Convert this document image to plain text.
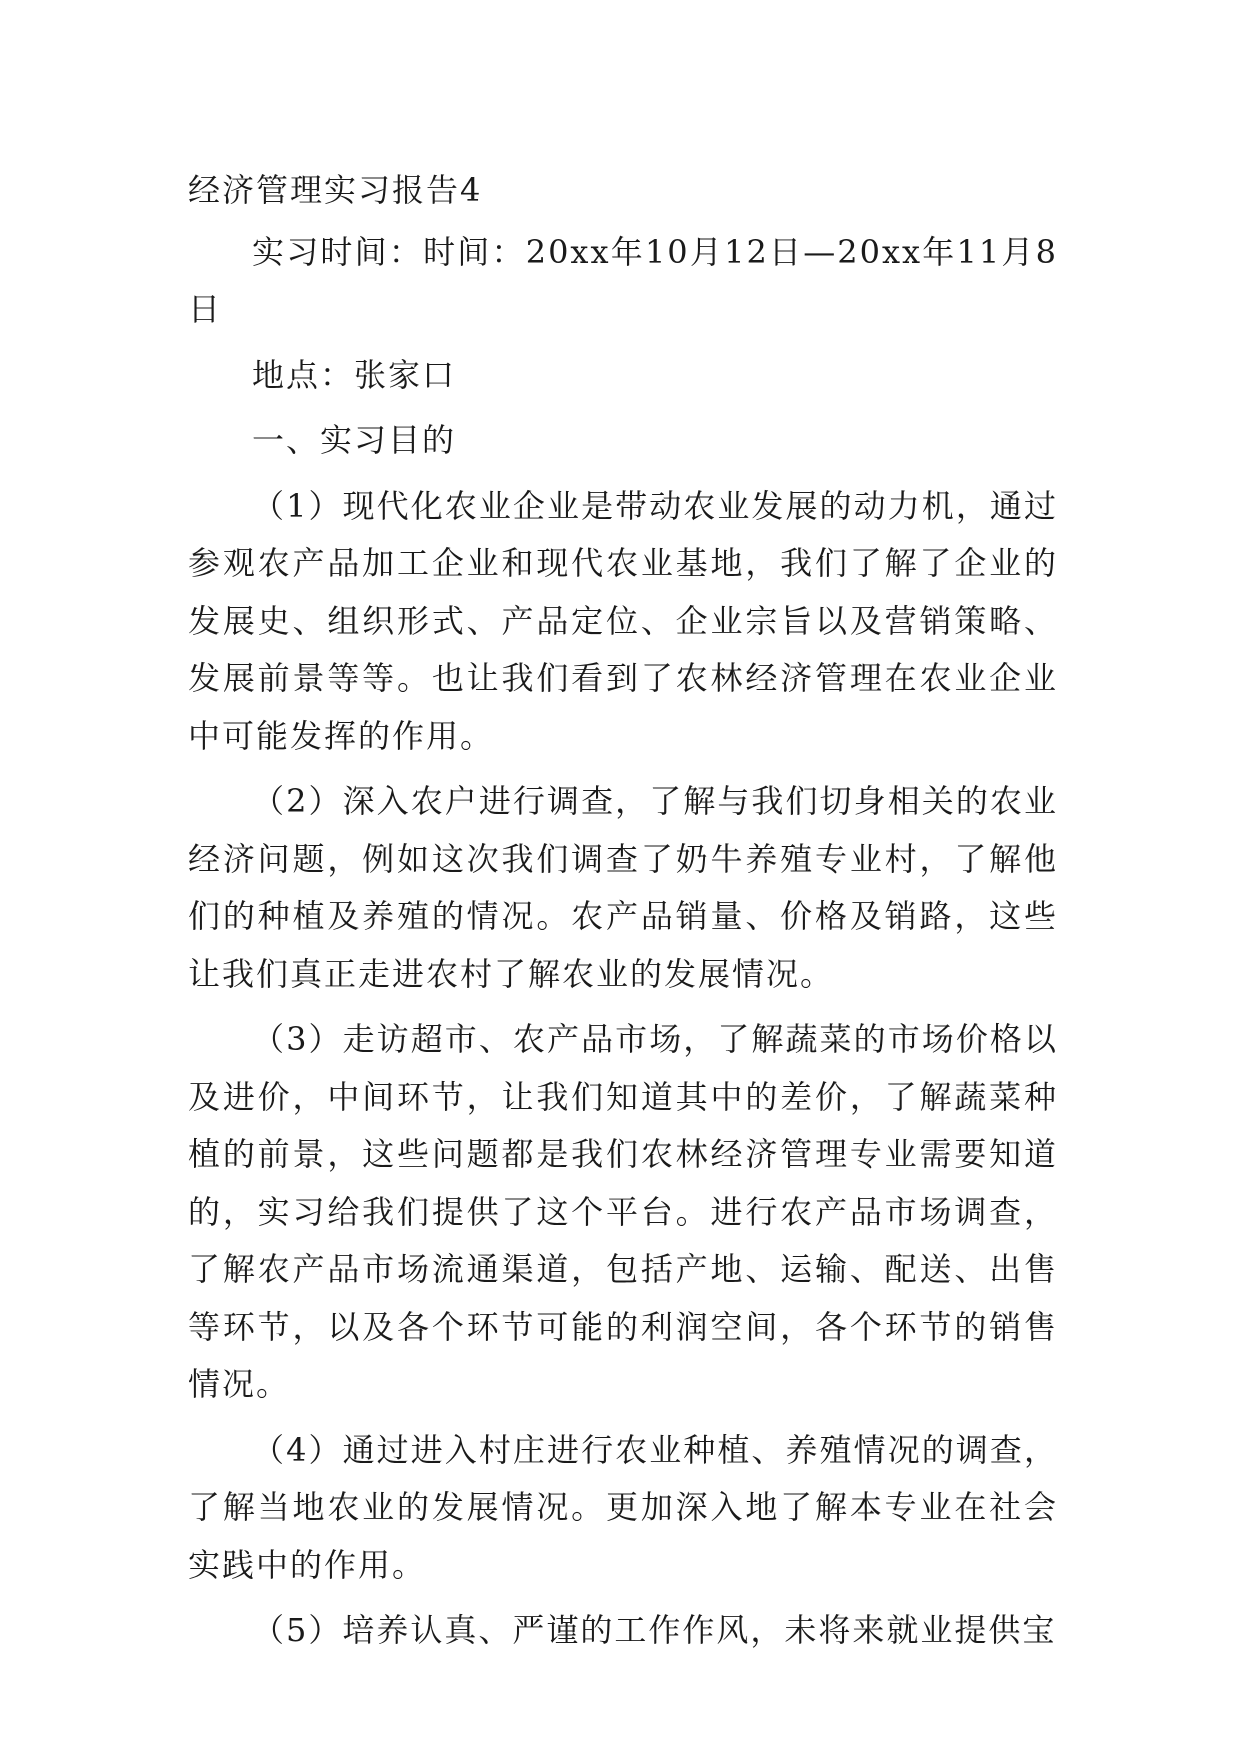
经济管理实习报告4

实习时间：时间：20xx年10月12日—20xx年11月8日

地点：张家口

一、实习目的

（1）现代化农业企业是带动农业发展的动力机，通过参观农产品加工企业和现代农业基地，我们了解了企业的发展史、组织形式、产品定位、企业宗旨以及营销策略、发展前景等等。也让我们看到了农林经济管理在农业企业中可能发挥的作用。

（2）深入农户进行调查，了解与我们切身相关的农业经济问题，例如这次我们调查了奶牛养殖专业村，了解他们的种植及养殖的情况。农产品销量、价格及销路，这些让我们真正走进农村了解农业的发展情况。

（3）走访超市、农产品市场，了解蔬菜的市场价格以及进价，中间环节，让我们知道其中的差价，了解蔬菜种植的前景，这些问题都是我们农林经济管理专业需要知道的，实习给我们提供了这个平台。进行农产品市场调查，了解农产品市场流通渠道，包括产地、运输、配送、出售等环节，以及各个环节可能的利润空间，各个环节的销售情况。

（4）通过进入村庄进行农业种植、养殖情况的调查，了解当地农业的发展情况。更加深入地了解本专业在社会实践中的作用。

（5）培养认真、严谨的工作作风，未将来就业提供宝
